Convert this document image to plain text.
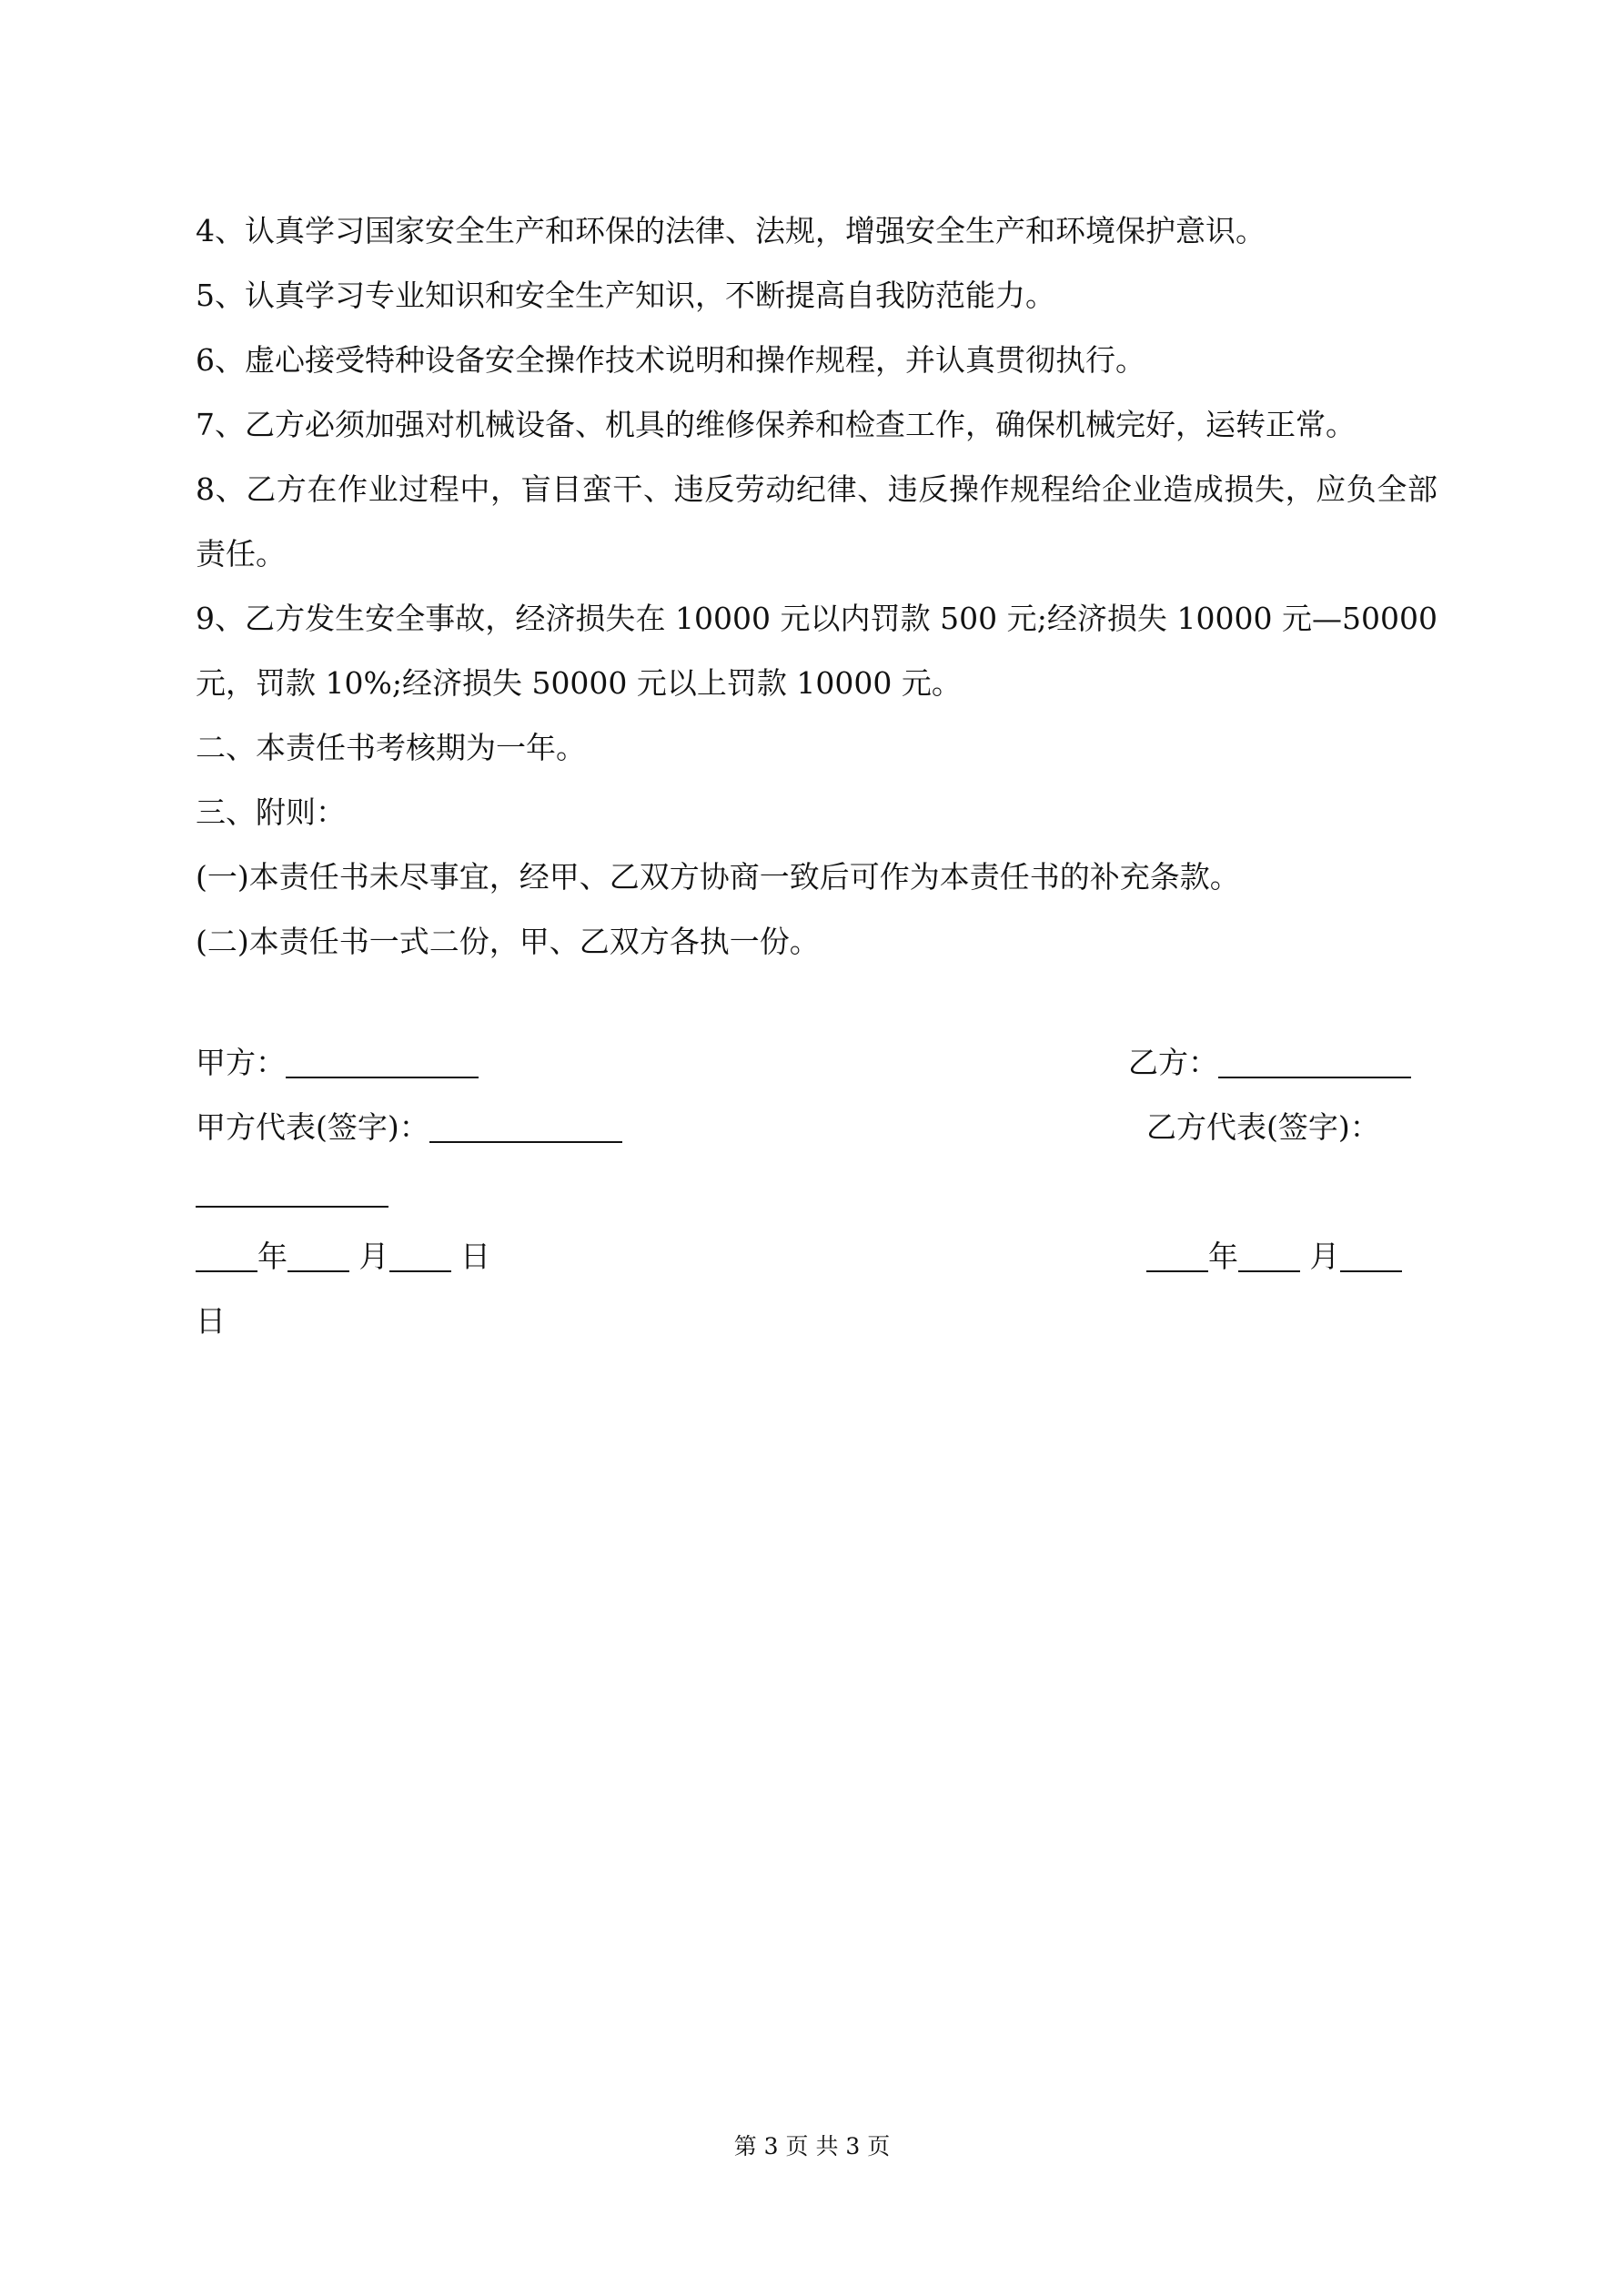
4、认真学习国家安全生产和环保的法律、法规，增强安全生产和环境保护意识。

5、认真学习专业知识和安全生产知识，不断提高自我防范能力。

6、虚心接受特种设备安全操作技术说明和操作规程，并认真贯彻执行。

7、乙方必须加强对机械设备、机具的维修保养和检查工作，确保机械完好，运转正常。

8、乙方在作业过程中，盲目蛮干、违反劳动纪律、违反操作规程给企业造成损失，应负全部责任。

9、乙方发生安全事故，经济损失在 10000 元以内罚款 500 元;经济损失 10000 元—50000 元，罚款 10%;经济损失 50000 元以上罚款 10000 元。

二、本责任书考核期为一年。

三、附则：

(一)本责任书未尽事宜，经甲、乙双方协商一致后可作为本责任书的补充条款。

(二)本责任书一式二份，甲、乙双方各执一份。

甲方：	乙方：
甲方代表(签字)：	乙方代表(签字)：
年 月 日	年 月
日
第 3 页 共 3 页
